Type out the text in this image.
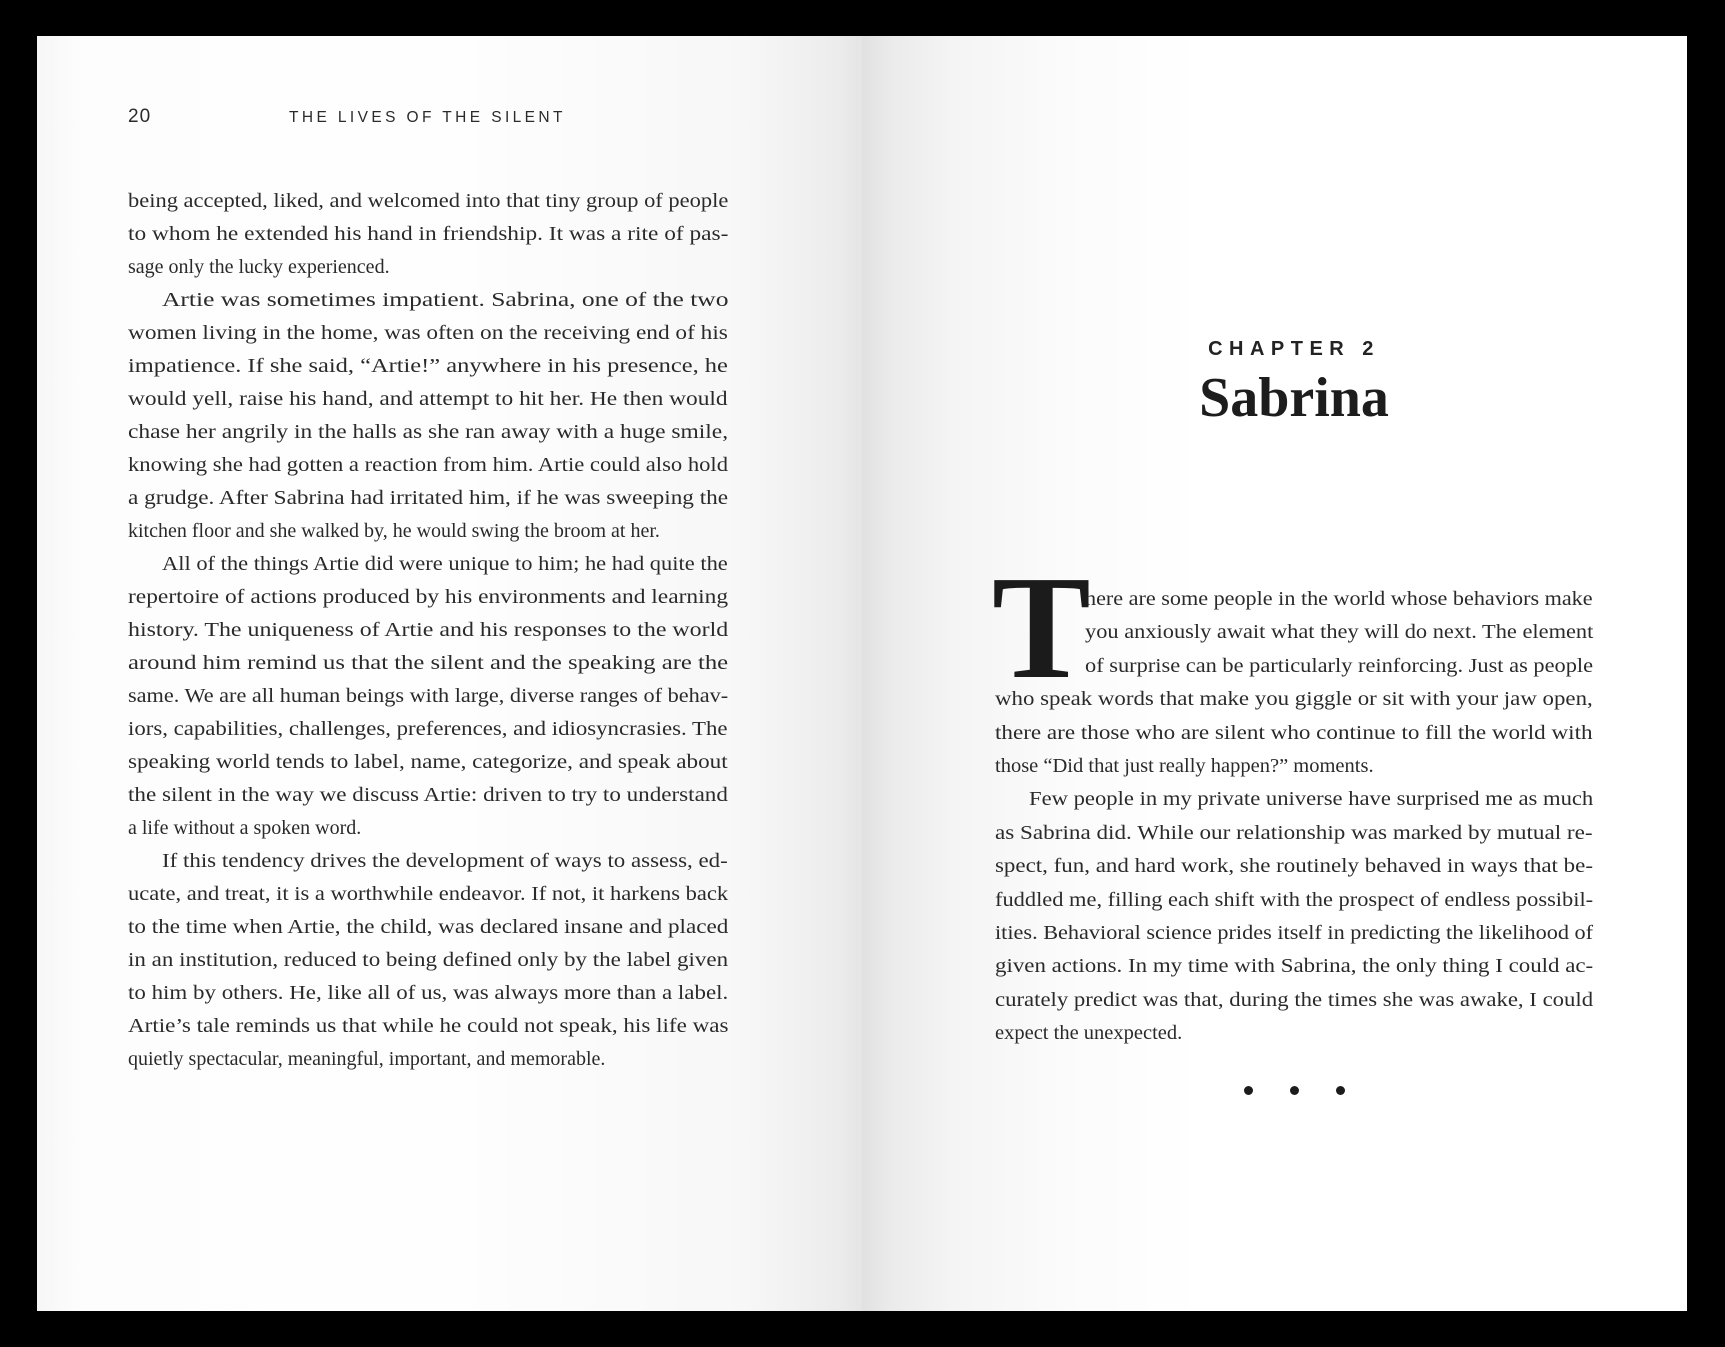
20	THE LIVES OF THE SILENT
being accepted, liked, and welcomed into that tiny group of people
to whom he extended his hand in friendship. It was a rite of pas-
sage only the lucky experienced.
Artie was sometimes impatient. Sabrina, one of the two
women living in the home, was often on the receiving end of his
impatience. If she said, “Artie!” anywhere in his presence, he
would yell, raise his hand, and attempt to hit her. He then would
chase her angrily in the halls as she ran away with a huge smile,
knowing she had gotten a reaction from him. Artie could also hold
a grudge. After Sabrina had irritated him, if he was sweeping the
kitchen floor and she walked by, he would swing the broom at her.
All of the things Artie did were unique to him; he had quite the
repertoire of actions produced by his environments and learning
history. The uniqueness of Artie and his responses to the world
around him remind us that the silent and the speaking are the
same. We are all human beings with large, diverse ranges of behav-
iors, capabilities, challenges, preferences, and idiosyncrasies. The
speaking world tends to label, name, categorize, and speak about
the silent in the way we discuss Artie: driven to try to understand
a life without a spoken word.
If this tendency drives the development of ways to assess, ed-
ucate, and treat, it is a worthwhile endeavor. If not, it harkens back
to the time when Artie, the child, was declared insane and placed
in an institution, reduced to being defined only by the label given
to him by others. He, like all of us, was always more than a label.
Artie’s tale reminds us that while he could not speak, his life was
quietly spectacular, meaningful, important, and memorable.
CHAPTER 2
Sabrina
T
here are some people in the world whose behaviors make
you anxiously await what they will do next. The element
of surprise can be particularly reinforcing. Just as people
who speak words that make you giggle or sit with your jaw open,
there are those who are silent who continue to fill the world with
those “Did that just really happen?” moments.
Few people in my private universe have surprised me as much
as Sabrina did. While our relationship was marked by mutual re-
spect, fun, and hard work, she routinely behaved in ways that be-
fuddled me, filling each shift with the prospect of endless possibil-
ities. Behavioral science prides itself in predicting the likelihood of
given actions. In my time with Sabrina, the only thing I could ac-
curately predict was that, during the times she was awake, I could
expect the unexpected.
